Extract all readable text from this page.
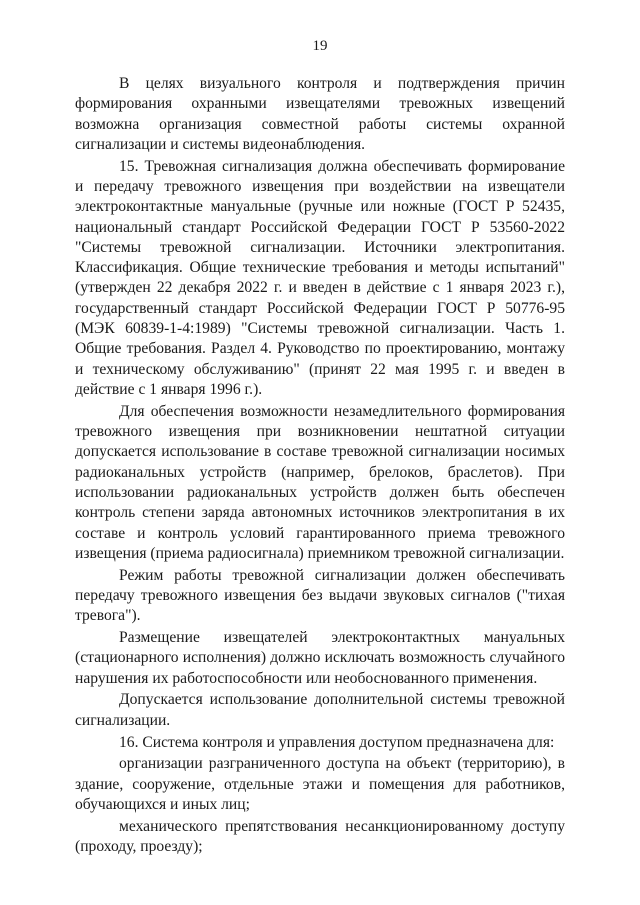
19

В целях визуального контроля и подтверждения причин формирования охранными извещателями тревожных извещений возможна организация совместной работы системы охранной сигнализации и системы видеонаблюдения.

15. Тревожная сигнализация должна обеспечивать формирование и передачу тревожного извещения при воздействии на извещатели электроконтактные мануальные (ручные или ножные (ГОСТ Р 52435, национальный стандарт Российской Федерации ГОСТ Р 53560-2022 "Системы тревожной сигнализации. Источники электропитания. Классификация. Общие технические требования и методы испытаний" (утвержден 22 декабря 2022 г. и введен в действие с 1 января 2023 г.), государственный стандарт Российской Федерации ГОСТ Р 50776-95 (МЭК 60839-1-4:1989) "Системы тревожной сигнализации. Часть 1. Общие требования. Раздел 4. Руководство по проектированию, монтажу и техническому обслуживанию" (принят 22 мая 1995 г. и введен в действие с 1 января 1996 г.).

Для обеспечения возможности незамедлительного формирования тревожного извещения при возникновении нештатной ситуации допускается использование в составе тревожной сигнализации носимых радиоканальных устройств (например, брелоков, браслетов). При использовании радиоканальных устройств должен быть обеспечен контроль степени заряда автономных источников электропитания в их составе и контроль условий гарантированного приема тревожного извещения (приема радиосигнала) приемником тревожной сигнализации.

Режим работы тревожной сигнализации должен обеспечивать передачу тревожного извещения без выдачи звуковых сигналов ("тихая тревога").

Размещение извещателей электроконтактных мануальных (стационарного исполнения) должно исключать возможность случайного нарушения их работоспособности или необоснованного применения.

Допускается использование дополнительной системы тревожной сигнализации.

16. Система контроля и управления доступом предназначена для:

организации разграниченного доступа на объект (территорию), в здание, сооружение, отдельные этажи и помещения для работников, обучающихся и иных лиц;

механического препятствования несанкционированному доступу (проходу, проезду);
